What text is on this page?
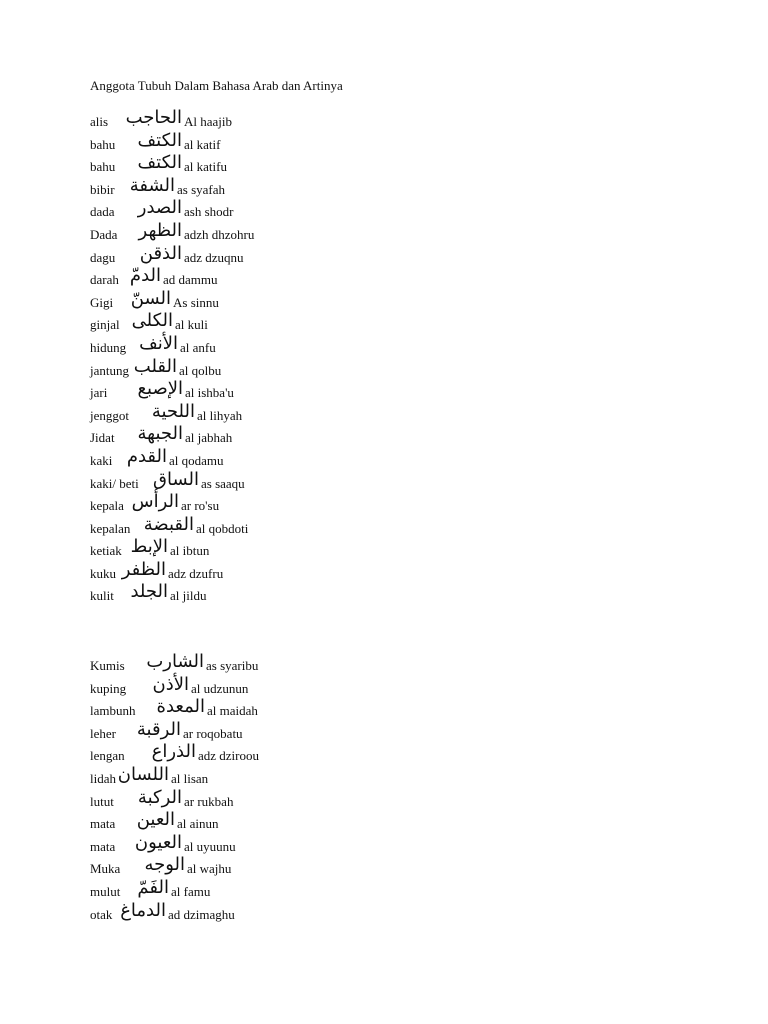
Anggota Tubuh Dalam Bahasa Arab dan Artinya
alis الحاجب Al haajib
bahu الكتف al katif
bahu الكتف al katifu
bibir الشفة as syafah
dada	الصدر ash shodr
Dada	الظهر adzh dhzohru
dagu	الذقن adz dzuqnu
darah الدمّ ad dammu
Gigi السنّ As sinnu
ginjal الكلى al kuli
hidung الأنف al anfu
jantung القلب al qolbu
jari	الإصبع al ishba'u
jenggot	اللحية al lihyah
Jidat	الجبهة al jabhah
kaki القدم al qodamu
kaki/ beti الساق as saaqu
kepala الرأس ar ro'su
kepalan القبضة al qobdoti
ketiak الإبط al ibtun
kuku الظفر adz dzufru
kulit الجلد al jildu
Kumis الشارب as syaribu
kuping	الأذن al udzunun
lambunh	المعدة al maidah
leher	الرقبة ar roqobatu
lengan	الذراع adz dziroou
lidah اللسان al lisan
lutut	الركبة ar rukbah
mata	العين al ainun
mata	العيون al uyuunu
Muka	الوجه al wajhu
mulut الفَمّ al famu
otak الدماغ ad dzimaghu
